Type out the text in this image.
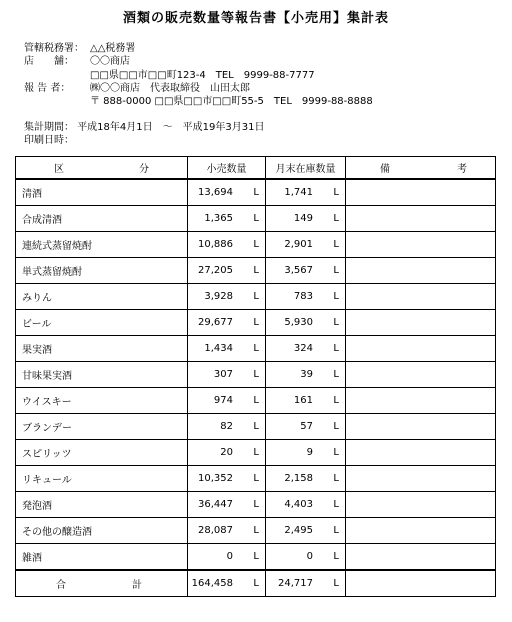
酒類の販売数量等報告書【小売用】集計表
管轄税務署： △△税務署
店　　舗： 〇〇商店
□□県□□市□□町123-4　TEL　9999-88-7777
報 告 者： ㈱〇〇商店　代表取締役　山田太郎
〒 888-0000 □□県□□市□□町55-5　TEL　9999-88-8888
集計期間： 平成18年4月1日　～　平成19年3月31日
印刷日時：
区 分	小売数量	月末在庫数量	備 考

清酒	13,694 L	1,741 L	
合成清酒	1,365 L	149 L	
連続式蒸留焼酎	10,886 L	2,901 L	
単式蒸留焼酎	27,205 L	3,567 L	
みりん	3,928 L	783 L	
ビール	29,677 L	5,930 L	
果実酒	1,434 L	324 L	
甘味果実酒	307 L	39 L	
ウイスキー	974 L	161 L	
ブランデー	82 L	57 L	
スピリッツ	20 L	9 L	
リキュール	10,352 L	2,158 L	
発泡酒	36,447 L	4,403 L	
その他の醸造酒	28,087 L	2,495 L	
雑酒	0 L	0 L	

合 計	164,458 L	24,717 L	
